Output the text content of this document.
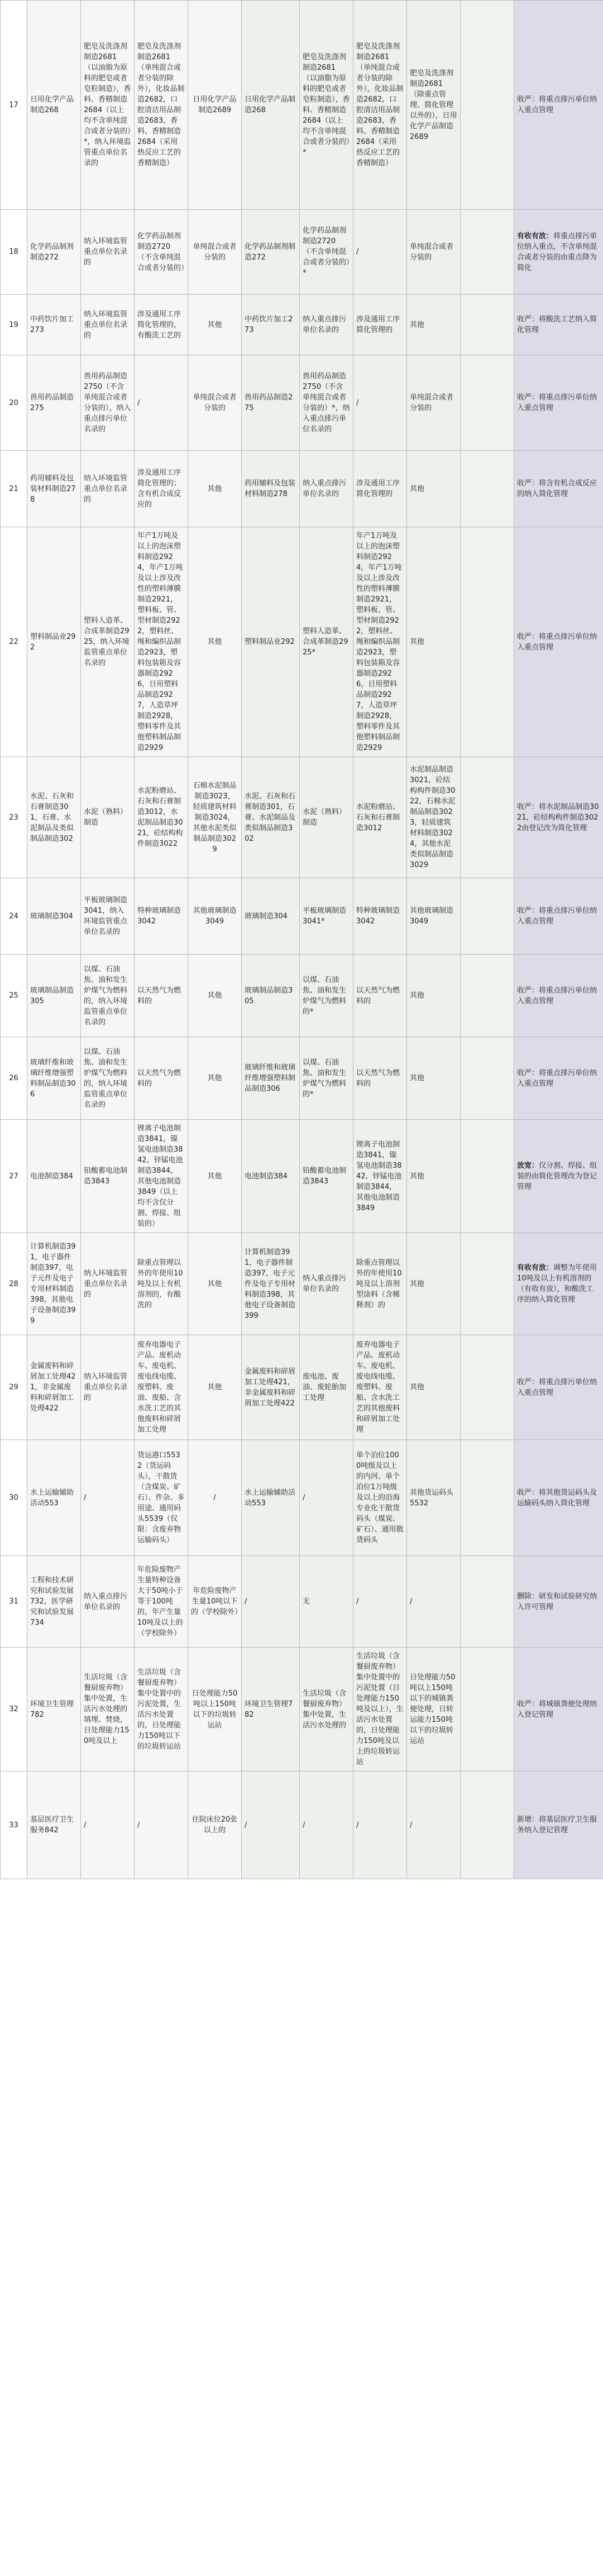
17	日用化学产品制造268	肥皂及洗涤剂制造2681（以油脂为原料的肥皂或者皂粒制造），香料、香精制造2684（以上均不含单纯混合或者分装的）*，纳入环境监管重点单位名录的	肥皂及洗涤剂制造2681（单纯混合或者分装的除外），化妆品制造2682，口腔清洁用品制造2683，香料、香精制造2684（采用热反应工艺的香精制造）	日用化学产品制造2689	日用化学产品制造268	肥皂及洗涤剂制造2681（以油脂为原料的肥皂或者皂粒制造），香料、香精制造2684（以上均不含单纯混合或者分装的）*	肥皂及洗涤剂制造2681（单纯混合或者分装的除外），化妆品制造2682，口腔清洁用品制造2683，香料、香精制造2684（采用热反应工艺的香精制造）	肥皂及洗涤剂制造2681（除重点管理、简化管理以外的），日用化学产品制造2689		收严：将重点排污单位纳入重点管理
18	化学药品制剂制造272	纳入环境监管重点单位名录的	化学药品制剂制造2720（不含单纯混合或者分装的）	单纯混合或者分装的	化学药品制剂制造272	化学药品制剂制造2720（不含单纯混合或者分装的）*	/	单纯混合或者分装的		有收有放：将重点排污单位纳入重点，不含单纯混合或者分装的由重点降为简化
19	中药饮片加工273	纳入环境监管重点单位名录的	涉及通用工序简化管理的，有酸洗工艺的	其他	中药饮片加工273	纳入重点排污单位名录的	涉及通用工序简化管理的	其他		收严：将酸洗工艺纳入简化管理
20	兽用药品制造275	兽用药品制造2750（不含单纯混合或者分装的），纳入重点排污单位名录的	/	单纯混合或者分装的	兽用药品制造275	兽用药品制造2750（不含单纯混合或者分装的）*，纳入重点排污单位名录的	/	单纯混合或者分装的		收严：将重点排污单位纳入重点管理
21	药用辅料及包装材料制造278	纳入环境监管重点单位名录的	涉及通用工序简化管理的；含有机合成反应的	其他	药用辅料及包装材料制造278	纳入重点排污单位名录的	涉及通用工序简化管理的	其他		收严：将含有机合成反应的纳入简化管理
22	塑料制品业292	塑料人造革、合成革制造2925，纳入环境监管重点单位名录的	年产1万吨及以上的泡沫塑料制造2924，年产1万吨及以上涉及改性的塑料薄膜制造2921，塑料板、管、型材制造2922，塑料丝、绳和编织品制造2923，塑料包装箱及容器制造2926，日用塑料品制造2927，人造草坪制造2928，塑料零件及其他塑料制品制造2929	其他	塑料制品业292	塑料人造革、合成革制造2925*	年产1万吨及以上的泡沫塑料制造2924，年产1万吨及以上涉及改性的塑料薄膜制造2921，塑料板、管、型材制造2922，塑料丝、绳和编织品制造2923，塑料包装箱及容器制造2926，日用塑料品制造2927，人造草坪制造2928，塑料零件及其他塑料制品制造2929	其他		收严：将重点排污单位纳入重点管理
23	水泥、石灰和石膏制造301，石膏、水泥制品及类似制品制造302	水泥（熟料）制造	水泥粉磨站、石灰和石膏制造3012，水泥制品制造3021，砼结构构件制造3022	石棉水泥制品制造3023，轻质建筑材料制造3024，其他水泥类似制品制造3029	水泥、石灰和石膏制造301，石膏、水泥制品及类似制品制造302	水泥（熟料）制造	水泥粉磨站、石灰和石膏制造3012	水泥制品制造3021，砼结构构件制造3022，石棉水泥制品制造3023，轻质建筑材料制造3024，其他水泥类似制品制造3029		收严：将水泥制品制造3021，砼结构构件制造3022由登记改为简化管理
24	玻璃制造304	平板玻璃制造3041，纳入环境监管重点单位名录的	特种玻璃制造3042	其他玻璃制造3049	玻璃制造304	平板玻璃制造3041*	特种玻璃制造3042	其他玻璃制造3049		收严：将重点排污单位纳入重点管理
25	玻璃制品制造305	以煤、石油焦、油和发生炉煤气为燃料的，纳入环境监管重点单位名录的	以天然气为燃料的	其他	玻璃制品制造305	以煤、石油焦、油和发生炉煤气为燃料的*	以天然气为燃料的	其他		收严：将重点排污单位纳入重点管理
26	玻璃纤维和玻璃纤维增强塑料制品制造306	以煤、石油焦、油和发生炉煤气为燃料的，纳入环境监管重点单位名录的	以天然气为燃料的	其他	玻璃纤维和玻璃纤维增强塑料制品制造306	以煤、石油焦、油和发生炉煤气为燃料的*	以天然气为燃料的	其他		收严：将重点排污单位纳入重点管理
27	电池制造384	铅酸蓄电池制造3843	锂离子电池制造3841，镍氢电池制造3842，锌锰电池制造3844，其他电池制造3849（以上均不含仅分割、焊接、组装的）	其他	电池制造384	铅酸蓄电池制造3843	锂离子电池制造3841，镍氢电池制造3842，锌锰电池制造3844，其他电池制造3849	其他		放宽：仅分割、焊接、组装的由简化管理改为登记管理
28	计算机制造391，电子器件制造397，电子元件及电子专用材料制造398，其他电子设备制造399	纳入环境监管重点单位名录的	除重点管理以外的年使用10吨及以上有机溶剂的，有酸洗的	其他	计算机制造391，电子器件制造397，电子元件及电子专用材料制造398，其他电子设备制造399	纳入重点排污单位名录的	除重点管理以外的年使用10吨及以上溶剂型涂料（含稀释剂）的	其他		有收有放：调整为年使用10吨及以上有机溶剂的（有收有放），和酸洗工序的纳入简化管理
29	金属废料和碎屑加工处理421，非金属废料和碎屑加工处理422	纳入环境监管重点单位名录的	废弃电器电子产品、废机动车、废电机、废电线电缆、废塑料、废油、废船、含水洗工艺的其他废料和碎屑加工处理	其他	金属废料和碎屑加工处理421，非金属废料和碎屑加工处理422	废电池、废油、废轮胎加工处理	废弃电器电子产品、废机动车、废电机、废电线电缆、废塑料、废船、含水洗工艺的其他废料和碎屑加工处理	其他		收严：将重点排污单位纳入重点管理
30	水上运输辅助活动553	/	货运港口5532（货运码头），干散货（含煤炭、矿石）、件杂、多用途、通用码头5539（仅限：含废弃物运输码头）	/	水上运输辅助活动553	/	单个泊位1000吨级及以上的内河、单个泊位1万吨级及以上的沿海专业化干散货码头（煤炭、矿石）、通用散货码头	其他货运码头5532		收严：将其他货运码头及运输码头纳入简化管理
31	工程和技术研究和试验发展732，医学研究和试验发展734	纳入重点排污单位名录的	年危险废物产生量特种设备大于50吨小于等于100吨的，年产生量10吨及以上的（学校除外）	年危险废物产生量10吨以下的（学校除外）	/	无	/	/		删除：研发和试验研究纳入许可管理
32	环境卫生管理782	生活垃圾（含餐厨废弃物）集中处置，生活污水处理的填埋、焚烧，日处理能力150吨及以上	生活垃圾（含餐厨废弃物）集中处置中的污泥处置，生活污水处置的，日处理能力150吨以下的垃圾转运站	日处理能力50吨以上150吨以下的垃圾转运站	环境卫生管理782	生活垃圾（含餐厨废弃物）集中处置，生活污水处理的	生活垃圾（含餐厨废弃物）集中处置中的污泥处置（日处理能力150吨及以上），生活污水处置的，日处理能力150吨及以上的垃圾转运站	日处理能力50吨以上150吨以下的城镇粪便处理，日转运能力150吨以下的垃圾转运站		收严：将城镇粪便处理纳入登记管理
33	基层医疗卫生服务842	/	/	住院床位20张以上的	/	/	/	/		新增：将基层医疗卫生服务纳入登记管理
